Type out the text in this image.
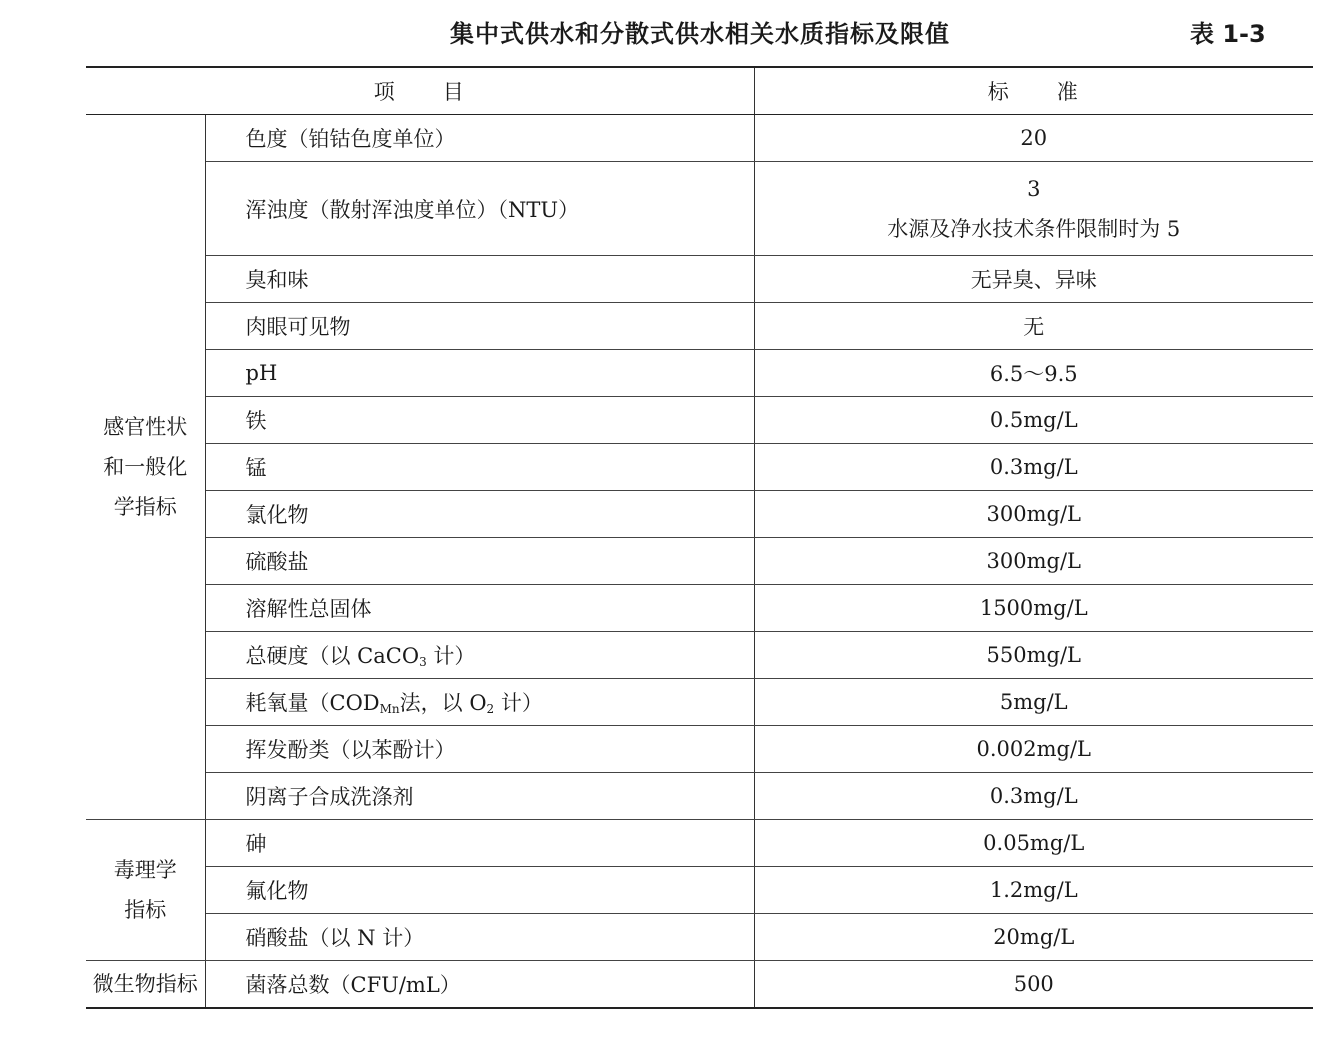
集中式供水和分散式供水相关水质指标及限值	表 1-3
项 目		标 准

感官性状
和一般化
学指标	色度（铂钴色度单位）	20
	浑浊度（散射浑浊度单位）（NTU）	3
水源及净水技术条件限制时为 5

	臭和味	无异臭、异味
	肉眼可见物	无
	pH	6.5～9.5
	铁	0.5mg/L
	锰	0.3mg/L
	氯化物	300mg/L
	硫酸盐	300mg/L
	溶解性总固体	1500mg/L
	总硬度（以 CaCO$_3$ 计）	550mg/L
	耗氧量（$COD_{Mn}$法，以 $O_2$ 计）	5mg/L
	挥发酚类（以苯酚计）	0.002mg/L
	阴离子合成洗涤剂	0.3mg/L

毒理学
指标	砷	0.05mg/L
	氟化物	1.2mg/L
	硝酸盐（以 N 计）	20mg/L

微生物指标	菌落总数（CFU/mL）	500
